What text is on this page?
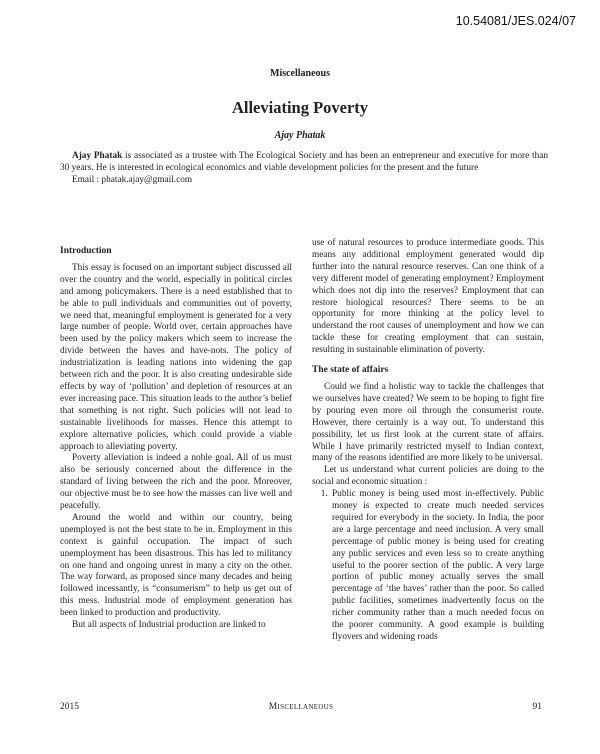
10.54081/JES.024/07
Miscellaneous
Alleviating Poverty
Ajay Phatak

Ajay Phatak is associated as a trustee with The Ecological Society and has been an entrepreneur and executive for more than 30 years. He is interested in ecological economics and viable development policies for the present and the future

Email : phatak.ajay@gmail.com

Introduction

This essay is focused on an important subject discussed all over the country and the world, especially in political circles and among policymakers. There is a need established that to be able to pull individuals and communities out of poverty, we need that, meaningful employment is generated for a very large number of people. World over, certain approaches have been used by the policy makers which seem to increase the divide between the haves and have-nots. The policy of industrialization is leading nations into widening the gap between rich and the poor. It is also creating undesirable side effects by way of ‘pollution’ and depletion of resources at an ever increasing pace. This situation leads to the author’s belief that something is not right. Such policies will not lead to sustainable livelihoods for masses. Hence this attempt to explore alternative policies, which could provide a viable approach to alleviating poverty.

Poverty alleviation is indeed a noble goal. All of us must also be seriously concerned about the difference in the standard of living between the rich and the poor. Moreover, our objective must be to see how the masses can live well and peacefully.

Around the world and within our country, being unemployed is not the best state to be in. Employment in this context is gainful occupation. The impact of such unemployment has been disastrous. This has led to militancy on one hand and ongoing unrest in many a city on the other. The way forward, as proposed since many decades and being followed incessantly, is “consumerism” to help us get out of this mess. Industrial mode of employment generation has been linked to production and productivity.

But all aspects of Industrial production are linked to

use of natural resources to produce intermediate goods. This means any additional employment generated would dip further into the natural resource reserves. Can one think of a very different model of generating employment? Employment which does not dip into the reserves? Employment that can restore biological resources? There seems to be an opportunity for more thinking at the policy level to understand the root causes of unemployment and how we can tackle these for creating employment that can sustain, resulting in sustainable elimination of poverty.

The state of affairs

Could we find a holistic way to tackle the challenges that we ourselves have created? We seem to be hoping to fight fire by pouring even more oil through the consumerist route. However, there certainly is a way out. To understand this possibility, let us first look at the current state of affairs. While I have primarily restricted myself to Indian context, many of the reasons identified are more likely to be universal.

Let us understand what current policies are doing to the social and economic situation :

1. Public money is being used most in-effectively. Public money is expected to create much needed services required for everybody in the society. In India, the poor are a large percentage and need inclusion. A very small percentage of public money is being used for creating any public services and even less so to create anything useful to the poorer section of the public. A very large portion of public money actually serves the small percentage of ‘the haves’ rather than the poor. So called public facilities, sometimes inadvertently focus on the richer community rather than a much needed focus on the poorer community. A good example is building flyovers and widening roads
2015	Miscellaneous	91
